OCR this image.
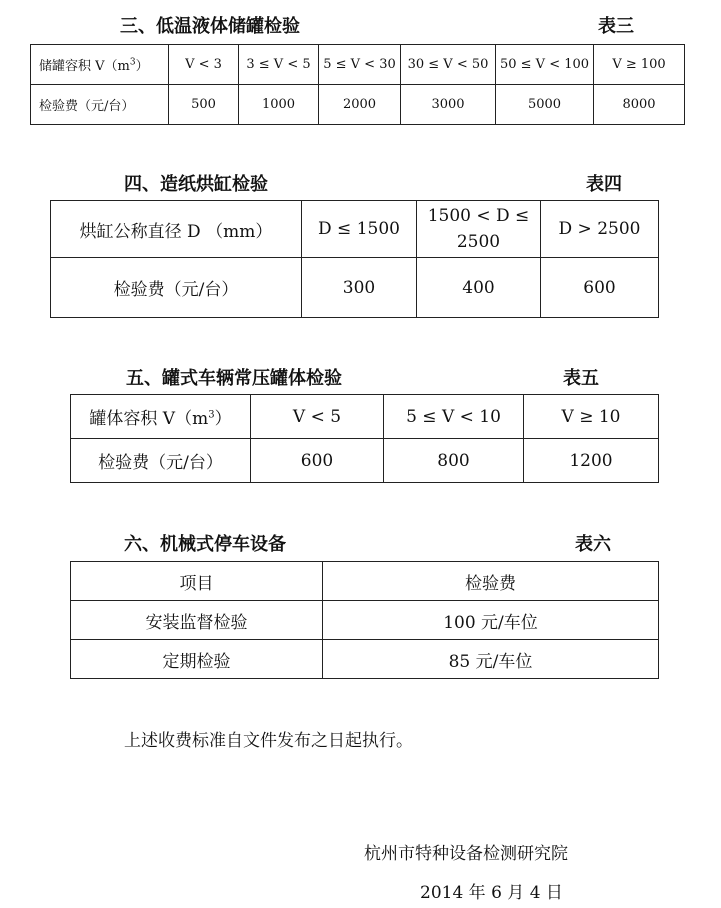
三、低温液体储罐检验	表三
储罐容积 $V(m^3)$	V < 3	3 ≤ V < 5	5 ≤ V < 30	30 ≤ V < 50	50 ≤ V < 100	V ≥ 100
检验费（元/台）	500	1000	2000	3000	5000	8000
四、造纸烘缸检验	表四
烘缸公称直径 D （mm）	D ≤ 1500	1500 < D ≤ 2500	D > 2500
检验费（元/台）	300	400	600
五、罐式车辆常压罐体检验	表五
罐体容积 $V(m^3)$	V < 5	5 ≤ V < 10	V ≥ 10
检验费（元/台）	600	800	1200
六、机械式停车设备	表六
项目	检验费
安装监督检验	100 元/车位
定期检验	85 元/车位
上述收费标准自文件发布之日起执行。
杭州市特种设备检测研究院
2014 年 6 月 4 日
